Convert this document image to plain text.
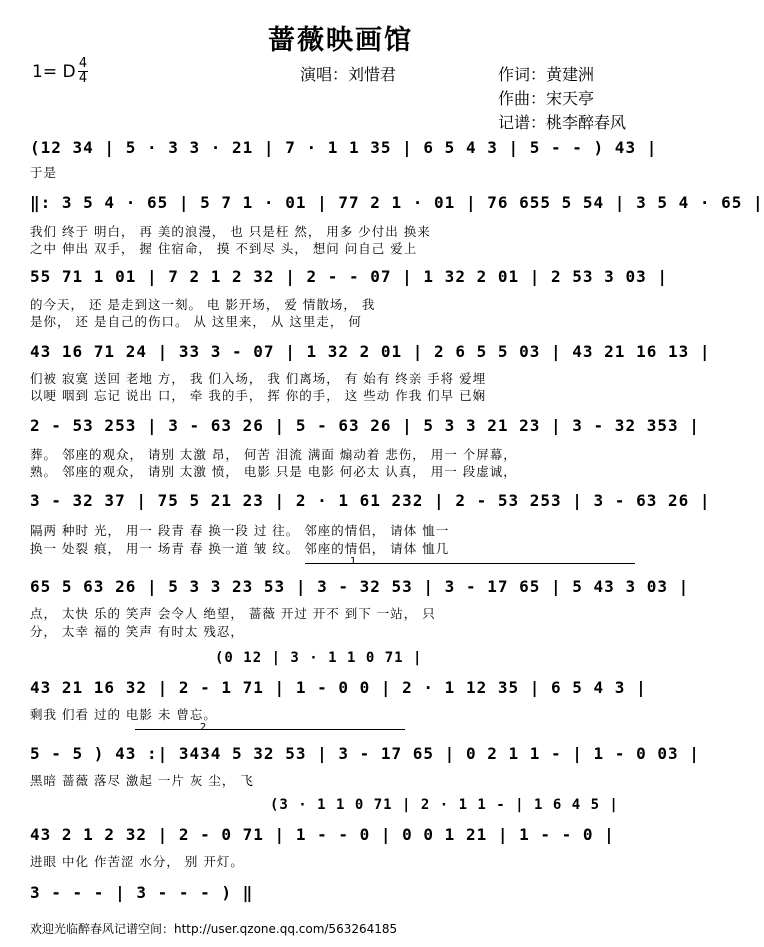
蔷薇映画馆
1= D 4
4	演唱：刘惜君	作词：黄建洲
作曲：宋天亭
记谱：桃李醉春风
(12 34 | 5 · 3 3 · 21 | 7 · 1 1 35 | 6 5 4 3 | 5 - - ) 43 |
于是
‖: 3 5 4 · 65 | 5 7 1 · 01 | 77 2 1 · 01 | 76 655 5 54 | 3 5 4 · 65 |
我们 终于 明白， 再 美的浪漫， 也 只是枉 然， 用多 少付出 换来
之中 伸出 双手， 握 住宿命， 摸 不到尽 头， 想问 问自己 爱上
55 71 1 01 | 7 2 1 2 32 | 2 - - 07 | 1 32 2 01 | 2 53 3 03 |
的今天， 还 是走到这一刻。 电 影开场， 爱 情散场， 我
是你， 还 是自己的伤口。 从 这里来， 从 这里走， 何
43 16 71 24 | 33 3 - 07 | 1 32 2 01 | 2 6 5 5 03 | 43 21 16 13 |
们被 寂寞 送回 老地 方， 我 们入场， 我 们离场， 有 始有 终亲 手将 爱埋
以哽 咽到 忘记 说出 口， 牵 我的手， 挥 你的手， 这 些动 作我 们早 已娴
2 - 53 253 | 3 - 63 26 | 5 - 63 26 | 5 3 3 21 23 | 3 - 32 353 |
葬。 邻座的观众， 请别 太激 昂， 何苦 泪流 满面 煽动着 悲伤， 用一 个屏幕，
熟。 邻座的观众， 请别 太激 愤， 电影 只是 电影 何必太 认真， 用一 段虚诚，
3 - 32 37 | 75 5 21 23 | 2 · 1 61 232 | 2 - 53 253 | 3 - 63 26 |
隔两 种时 光， 用一 段青 春 换一段 过 往。 邻座的情侣， 请体 恤一
换一 处裂 痕， 用一 场青 春 换一道 皱 纹。 邻座的情侣， 请体 恤几
1
65 5 63 26 | 5 3 3 23 53 | 3 - 32 53 | 3 - 17 65 | 5 43 3 03 |
点， 太快 乐的 笑声 会令人 绝望， 蔷薇 开过 开不 到下 一站， 只
分， 太幸 福的 笑声 有时太 残忍，
(0 12 | 3 · 1 1 0 71 |
43 21 16 32 | 2 - 1 71 | 1 - 0 0 | 2 · 1 12 35 | 6 5 4 3 |
剩我 们看 过的 电影 未 曾忘。
2
5 - 5 ) 43 :| 3434 5 32 53 | 3 - 17 65 | 0 2 1 1 - | 1 - 0 03 |
黑暗 蔷薇 落尽 激起 一片 灰 尘， 飞
(3 · 1 1 0 71 | 2 · 1 1 - | 1 6 4 5 |
43 2 1 2 32 | 2 - 0 71 | 1 - - 0 | 0 0 1 21 | 1 - - 0 |
进眼 中化 作苦涩 水分， 别 开灯。
3 - - - | 3 - - - ) ‖
欢迎光临醉春风记谱空间：http://user.qzone.qq.com/563264185
